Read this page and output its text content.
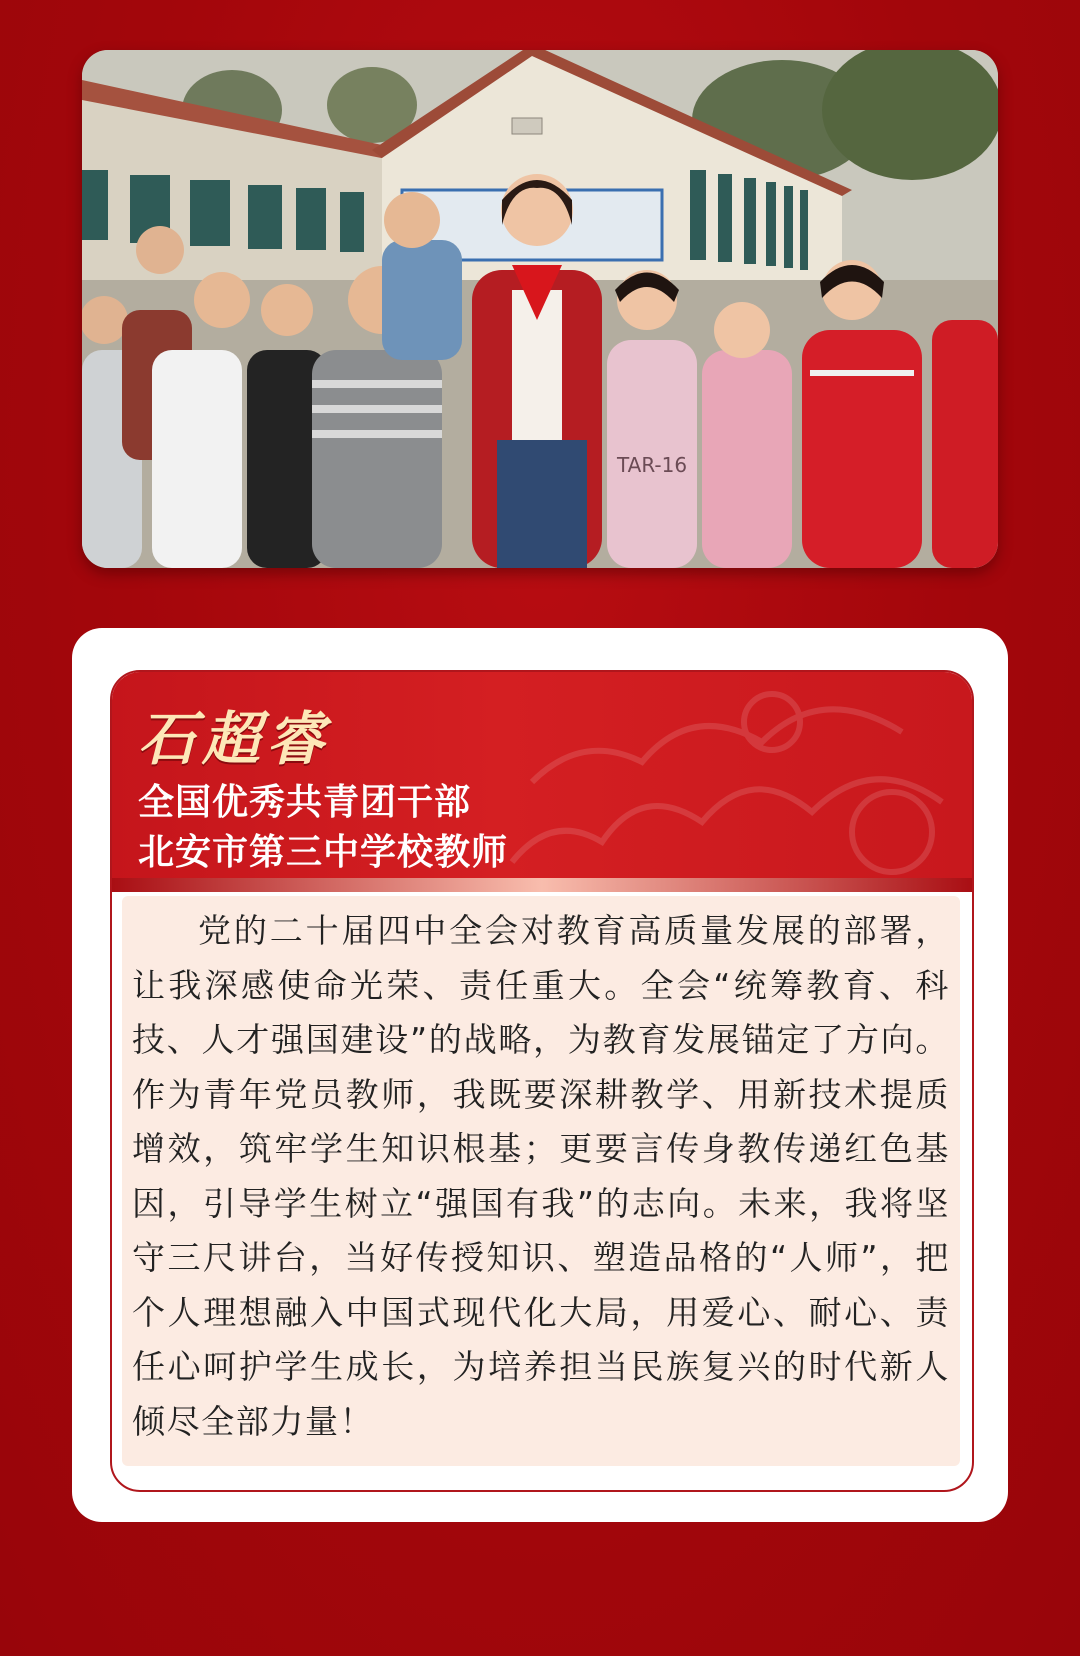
TAR-16
石超睿
全国优秀共青团干部
北安市第三中学校教师

党的二十届四中全会对教育高质量发展的部署，让我深感使命光荣、责任重大。全会“统筹教育、科技、人才强国建设”的战略，为教育发展锚定了方向。作为青年党员教师，我既要深耕教学、用新技术提质增效，筑牢学生知识根基；更要言传身教传递红色基因，引导学生树立“强国有我”的志向。未来，我将坚守三尺讲台，当好传授知识、塑造品格的“人师”，把个人理想融入中国式现代化大局，用爱心、耐心、责任心呵护学生成长，为培养担当民族复兴的时代新人倾尽全部力量！
